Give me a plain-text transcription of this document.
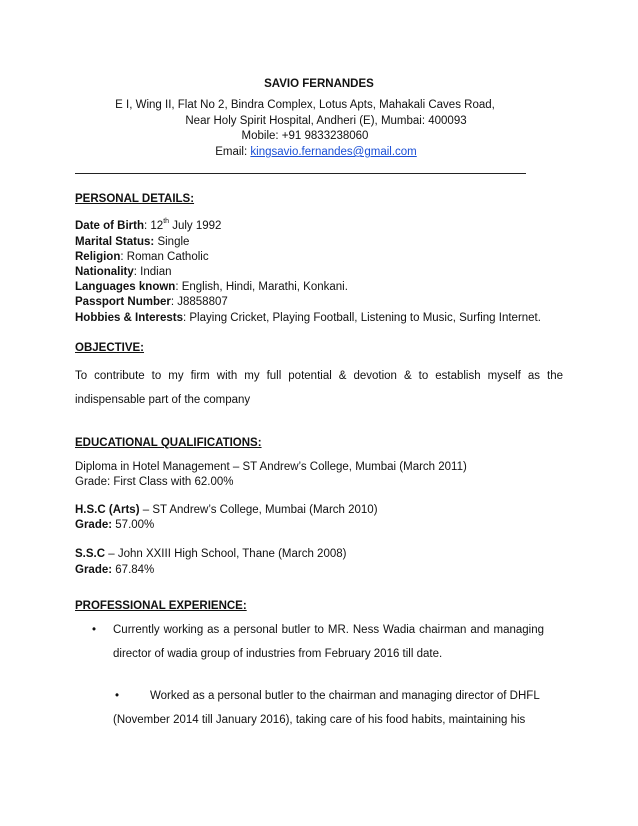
SAVIO FERNANDES
E I, Wing II, Flat No 2, Bindra Complex, Lotus Apts, Mahakali Caves Road,
Near Holy Spirit Hospital, Andheri (E), Mumbai: 400093
Mobile: +91 9833238060
Email: kingsavio.fernandes@gmail.com
PERSONAL DETAILS:
Date of Birth: 12th July 1992
Marital Status: Single
Religion: Roman Catholic
Nationality: Indian
Languages known: English, Hindi, Marathi, Konkani.
Passport Number: J8858807
Hobbies & Interests: Playing Cricket, Playing Football, Listening to Music, Surfing Internet.
OBJECTIVE:
To contribute to my firm with my full potential & devotion & to establish myself as the
indispensable part of the company
EDUCATIONAL QUALIFICATIONS:
Diploma in Hotel Management – ST Andrew’s College, Mumbai (March 2011)
Grade: First Class with 62.00%
H.S.C (Arts) – ST Andrew’s College, Mumbai (March 2010)
Grade: 57.00%
S.S.C – John XXIII High School, Thane (March 2008)
Grade: 67.84%
PROFESSIONAL EXPERIENCE:
• Currently working as a personal butler to MR. Ness Wadia chairman and managing
director of wadia group of industries from February 2016 till date.
•	Worked as a personal butler to the chairman and managing director of DHFL
(November 2014 till January 2016), taking care of his food habits, maintaining his
